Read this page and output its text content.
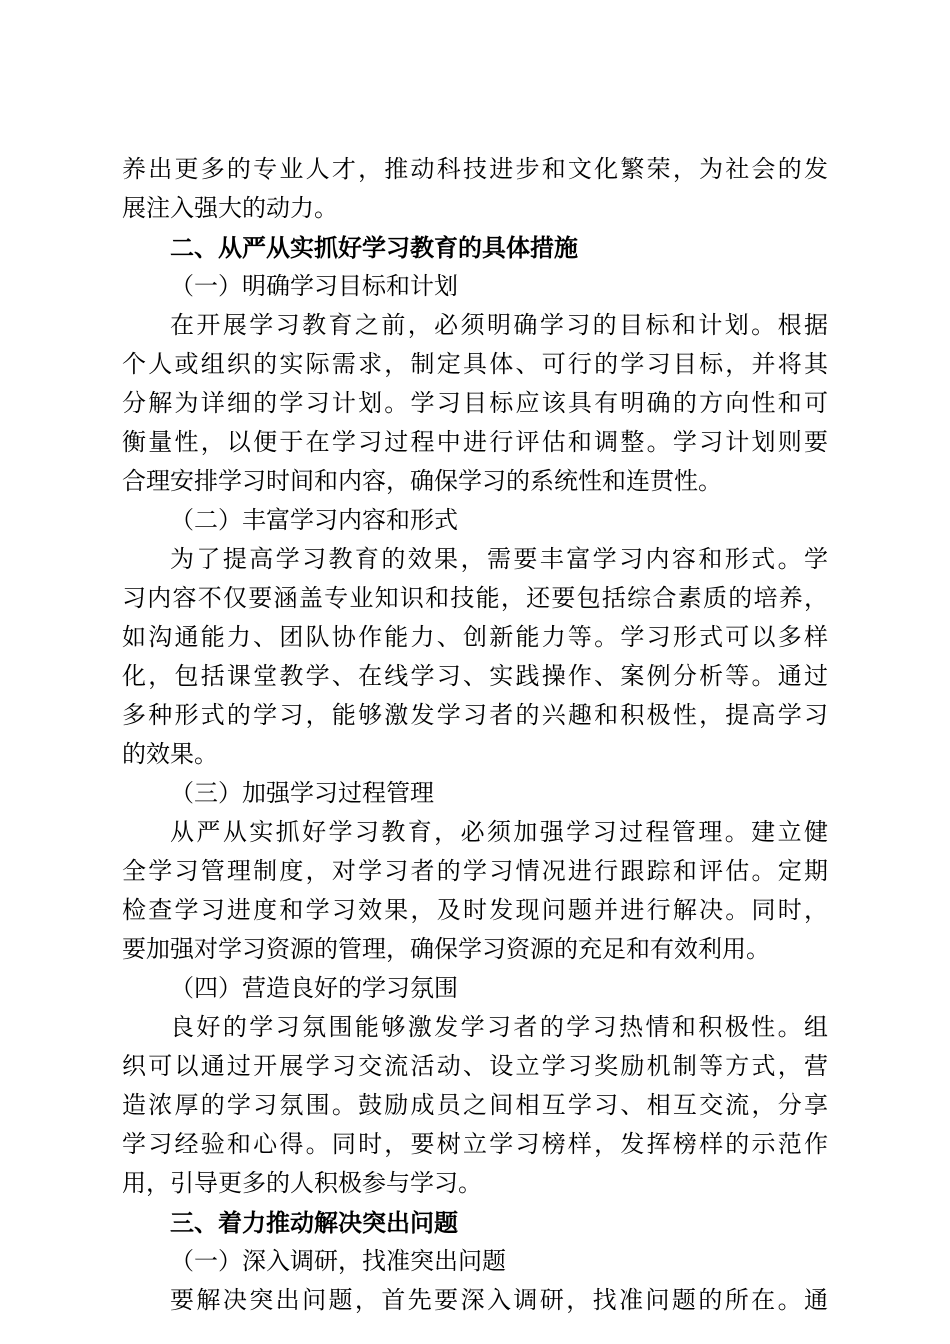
养出更多的专业人才，推动科技进步和文化繁荣，为社会的发
展注入强大的动力。
二、从严从实抓好学习教育的具体措施
（一）明确学习目标和计划
在开展学习教育之前，必须明确学习的目标和计划。根据
个人或组织的实际需求，制定具体、可行的学习目标，并将其
分解为详细的学习计划。学习目标应该具有明确的方向性和可
衡量性，以便于在学习过程中进行评估和调整。学习计划则要
合理安排学习时间和内容，确保学习的系统性和连贯性。
（二）丰富学习内容和形式
为了提高学习教育的效果，需要丰富学习内容和形式。学
习内容不仅要涵盖专业知识和技能，还要包括综合素质的培养，
如沟通能力、团队协作能力、创新能力等。学习形式可以多样
化，包括课堂教学、在线学习、实践操作、案例分析等。通过
多种形式的学习，能够激发学习者的兴趣和积极性，提高学习
的效果。
（三）加强学习过程管理
从严从实抓好学习教育，必须加强学习过程管理。建立健
全学习管理制度，对学习者的学习情况进行跟踪和评估。定期
检查学习进度和学习效果，及时发现问题并进行解决。同时，
要加强对学习资源的管理，确保学习资源的充足和有效利用。
（四）营造良好的学习氛围
良好的学习氛围能够激发学习者的学习热情和积极性。组
织可以通过开展学习交流活动、设立学习奖励机制等方式，营
造浓厚的学习氛围。鼓励成员之间相互学习、相互交流，分享
学习经验和心得。同时，要树立学习榜样，发挥榜样的示范作
用，引导更多的人积极参与学习。
三、着力推动解决突出问题
（一）深入调研，找准突出问题
要解决突出问题，首先要深入调研，找准问题的所在。通
